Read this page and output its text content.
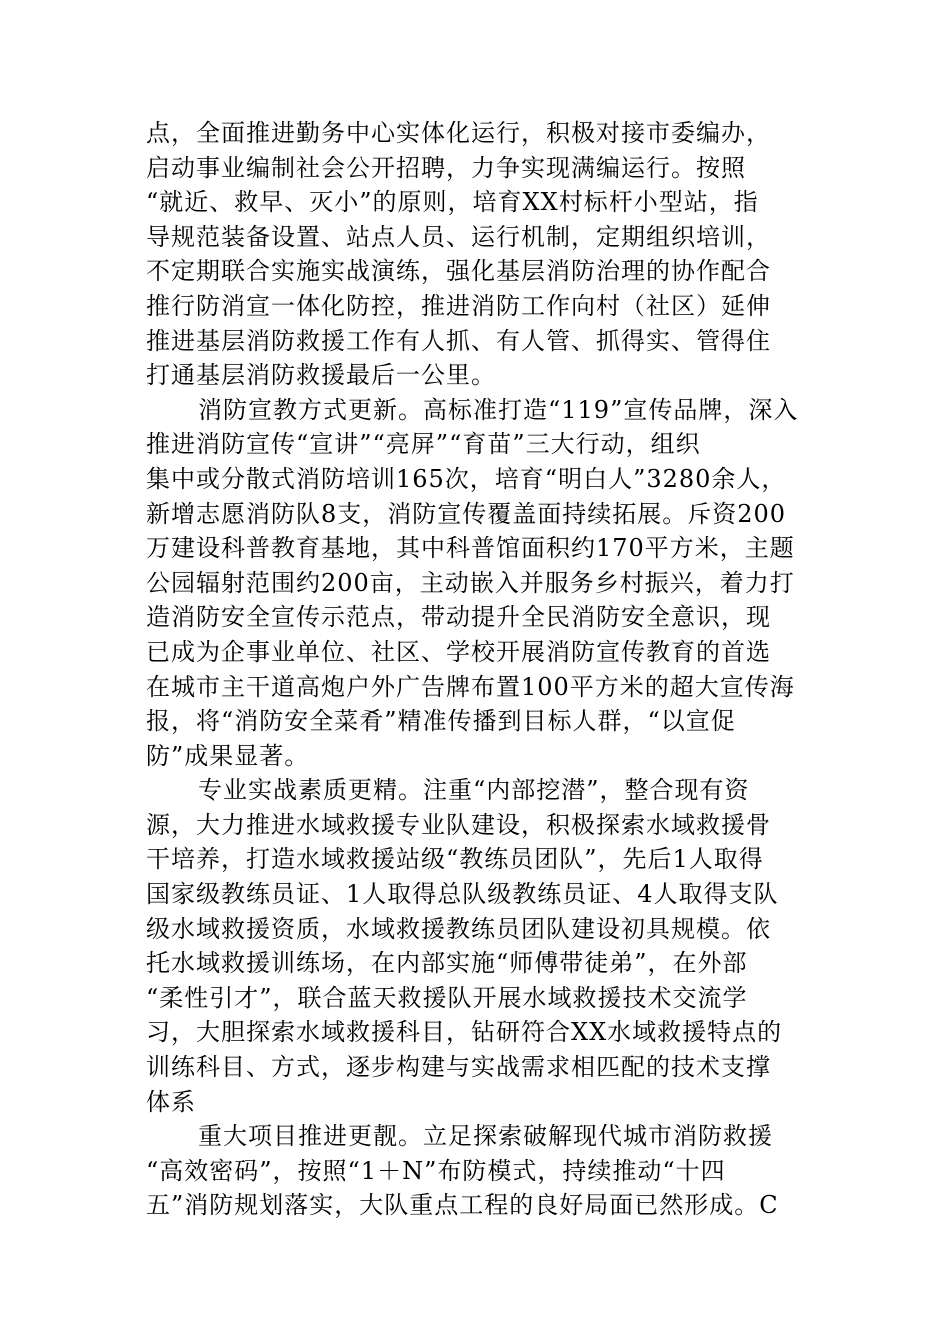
点，全面推进勤务中心实体化运行，积极对接市委编办，
启动事业编制社会公开招聘，力争实现满编运行。按照
“就近、救早、灭小”的原则，培育XX村标杆小型站，指
导规范装备设置、站点人员、运行机制，定期组织培训，
不定期联合实施实战演练，强化基层消防治理的协作配合
推行防消宣一体化防控，推进消防工作向村（社区）延伸
推进基层消防救援工作有人抓、有人管、抓得实、管得住
打通基层消防救援最后一公里。
消防宣教方式更新。高标准打造“119”宣传品牌，深入
推进消防宣传“宣讲”“亮屏”“育苗”三大行动，组织
集中或分散式消防培训165次，培育“明白人”3280余人，
新增志愿消防队8支，消防宣传覆盖面持续拓展。斥资200
万建设科普教育基地，其中科普馆面积约170平方米，主题
公园辐射范围约200亩，主动嵌入并服务乡村振兴，着力打
造消防安全宣传示范点，带动提升全民消防安全意识，现
已成为企事业单位、社区、学校开展消防宣传教育的首选
在城市主干道高炮户外广告牌布置100平方米的超大宣传海
报，将“消防安全菜肴”精准传播到目标人群，“以宣促
防”成果显著。
专业实战素质更精。注重“内部挖潜”，整合现有资
源，大力推进水域救援专业队建设，积极探索水域救援骨
干培养，打造水域救援站级“教练员团队”，先后1人取得
国家级教练员证、1人取得总队级教练员证、4人取得支队
级水域救援资质，水域救援教练员团队建设初具规模。依
托水域救援训练场，在内部实施“师傅带徒弟”，在外部
“柔性引才”，联合蓝天救援队开展水域救援技术交流学
习，大胆探索水域救援科目，钻研符合XX水域救援特点的
训练科目、方式，逐步构建与实战需求相匹配的技术支撑
体系
重大项目推进更靓。立足探索破解现代城市消防救援
“高效密码”，按照“1＋N”布防模式，持续推动“十四
五”消防规划落实，大队重点工程的良好局面已然形成。C
